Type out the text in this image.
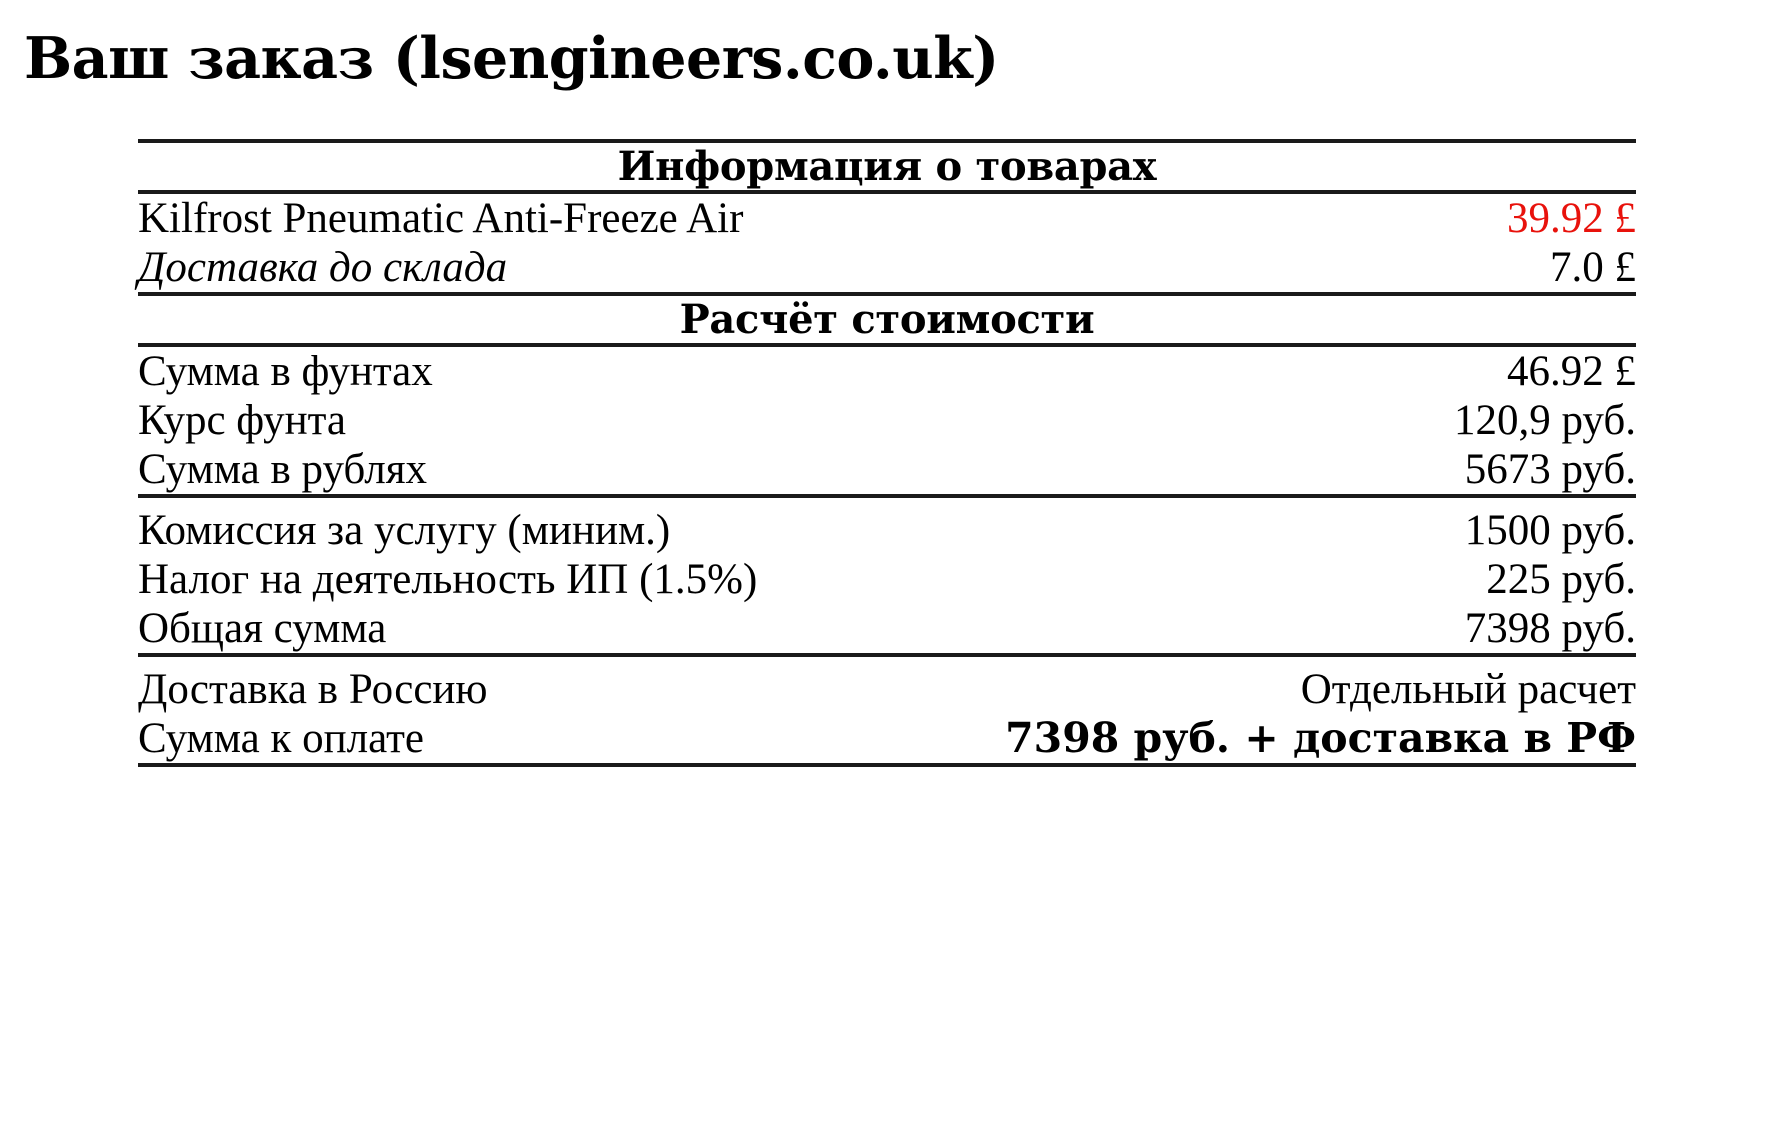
Ваш заказ (lsengineers.co.uk)
Информация о товарах	
Kilfrost Pneumatic Anti-Freeze Air	39.92 £
Доставка до склада	7.0 £
Расчёт стоимости	
Сумма в фунтах	46.92 £
Курс фунта	120,9 руб.
Сумма в рублях	5673 руб.

Комиссия за услугу (миним.)	1500 руб.
Налог на деятельность ИП (1.5%)	225 руб.
Общая сумма	7398 руб.

Доставка в Россию	Отдельный расчет
Сумма к оплате	7398 руб. + доставка в РФ
